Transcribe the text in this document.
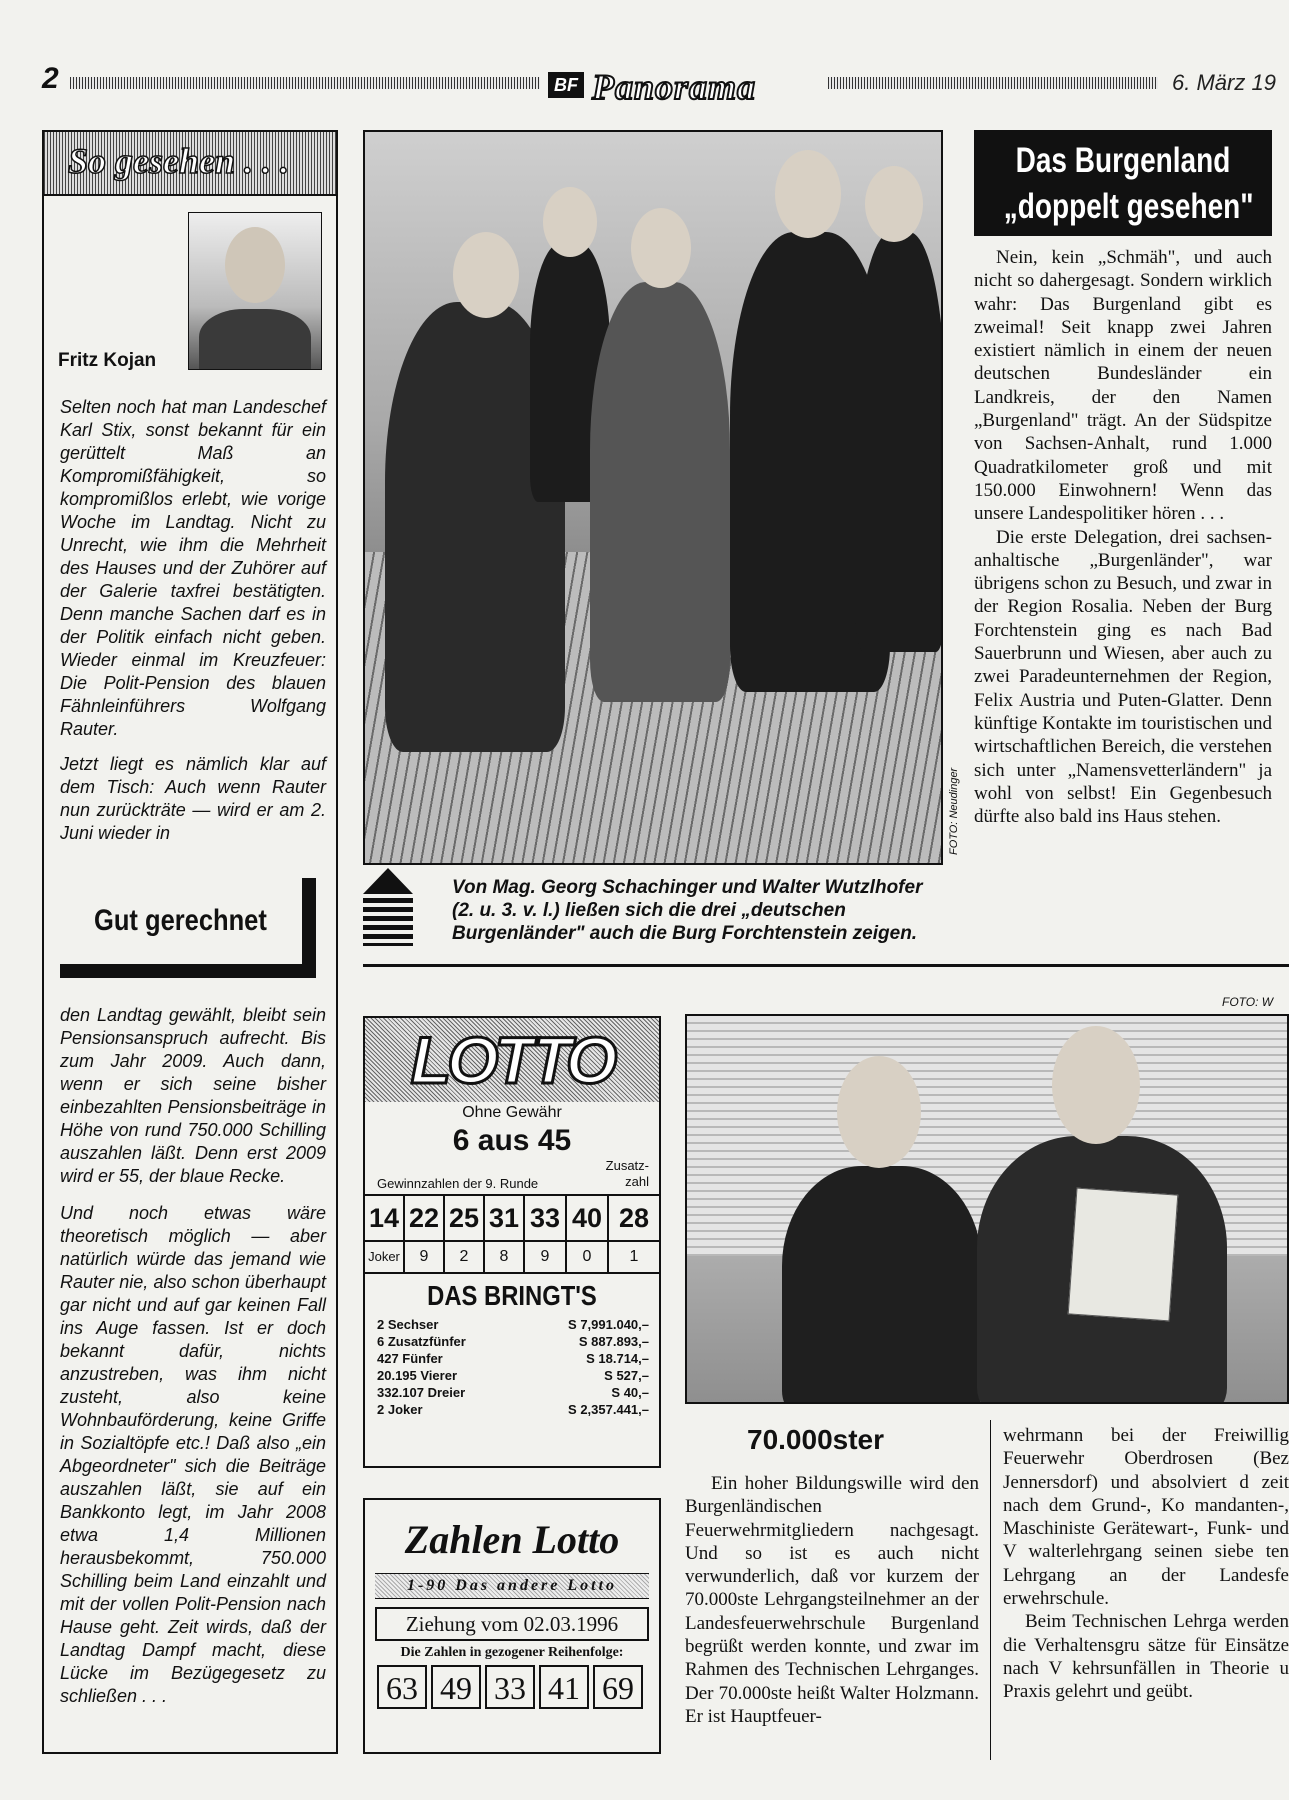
2	BF Panorama	6. März 19
So gesehen . . .
Fritz Kojan

Selten noch hat man Landeschef Karl Stix, sonst bekannt für ein gerüttelt Maß an Kompromißfähigkeit, so kompromißlos erlebt, wie vorige Woche im Landtag. Nicht zu Unrecht, wie ihm die Mehrheit des Hauses und der Zuhörer auf der Galerie taxfrei bestätigten. Denn manche Sachen darf es in der Politik einfach nicht geben. Wieder einmal im Kreuzfeuer: Die Polit-Pension des blauen Fähnleinführers Wolfgang Rauter.

Jetzt liegt es nämlich klar auf dem Tisch: Auch wenn Rauter nun zurückträte — wird er am 2. Juni wieder in

Gut gerechnet

den Landtag gewählt, bleibt sein Pensionsanspruch aufrecht. Bis zum Jahr 2009. Auch dann, wenn er sich seine bisher einbezahlten Pensionsbeiträge in Höhe von rund 750.000 Schilling auszahlen läßt. Denn erst 2009 wird er 55, der blaue Recke.

Und noch etwas wäre theoretisch möglich — aber natürlich würde das jemand wie Rauter nie, also schon überhaupt gar nicht und auf gar keinen Fall ins Auge fassen. Ist er doch bekannt dafür, nichts anzustreben, was ihm nicht zusteht, also keine Wohnbauförderung, keine Griffe in Sozialtöpfe etc.! Daß also „ein Abgeordneter" sich die Beiträge auszahlen läßt, sie auf ein Bankkonto legt, im Jahr 2008 etwa 1,4 Millionen herausbekommt, 750.000 Schilling beim Land einzahlt und mit der vollen Polit-Pension nach Hause geht. Zeit wirds, daß der Landtag Dampf macht, diese Lücke im Bezügegesetz zu schließen . . .

FOTO: Neudinger
Von Mag. Georg Schachinger und Walter Wutzlhofer (2. u. 3. v. l.) ließen sich die drei „deutschen Burgenländer" auch die Burg Forchtenstein zeigen.
Das Burgenland
„doppelt gesehen"

Nein, kein „Schmäh", und auch nicht so dahergesagt. Sondern wirklich wahr: Das Burgenland gibt es zweimal! Seit knapp zwei Jahren existiert nämlich in einem der neuen deutschen Bundesländer ein Landkreis, der den Namen „Burgenland" trägt. An der Südspitze von Sachsen-Anhalt, rund 1.000 Quadratkilometer groß und mit 150.000 Einwohnern! Wenn das unsere Landespolitiker hören . . .

Die erste Delegation, drei sachsen-anhaltische „Burgenländer", war übrigens schon zu Besuch, und zwar in der Region Rosalia. Neben der Burg Forchtenstein ging es nach Bad Sauerbrunn und Wiesen, aber auch zu zwei Paradeunternehmen der Region, Felix Austria und Puten-Glatter. Denn künftige Kontakte im touristischen und wirtschaftlichen Bereich, die verstehen sich unter „Namensvetterländern" ja wohl von selbst! Ein Gegenbesuch dürfte also bald ins Haus stehen.

FOTO: W
LOTTO
Ohne Gewähr
6 aus 45
Gewinnzahlen der 9. Runde
Zusatz-
zahl
14 22 25 31 33 40 28
Joker	9	2	8	9	0	1
DAS BRINGT'S
2 Sechser	S 7,991.040,–
6 Zusatzfünfer	S 887.893,–
427 Fünfer	S 18.714,–
20.195 Vierer	S 527,–
332.107 Dreier	S 40,–
2 Joker	S 2,357.441,–
Zahlen Lotto
1-90 Das andere Lotto
Ziehung vom 02.03.1996
Die Zahlen in gezogener Reihenfolge:
63 49 33 41 69
70.000ster
Ein hoher Bildungswille wird den Burgenländischen Feuerwehrmitgliedern nachgesagt. Und so ist es auch nicht verwunderlich, daß vor kurzem der 70.000ste Lehrgangsteilnehmer an der Landesfeuerwehrschule Burgenland begrüßt werden konnte, und zwar im Rahmen des Technischen Lehrganges. Der 70.000ste heißt Walter Holzmann. Er ist Hauptfeuer-

wehrmann bei der Freiwillig Feuerwehr Oberdrosen (Bez Jennersdorf) und absolviert d zeit nach dem Grund-, Ko mandanten-, Maschiniste Gerätewart-, Funk- und V walterlehrgang seinen siebe ten Lehrgang an der Landesfe erwehrschule.

Beim Technischen Lehrga werden die Verhaltensgru sätze für Einsätze nach V kehrsunfällen in Theorie u Praxis gelehrt und geübt.
